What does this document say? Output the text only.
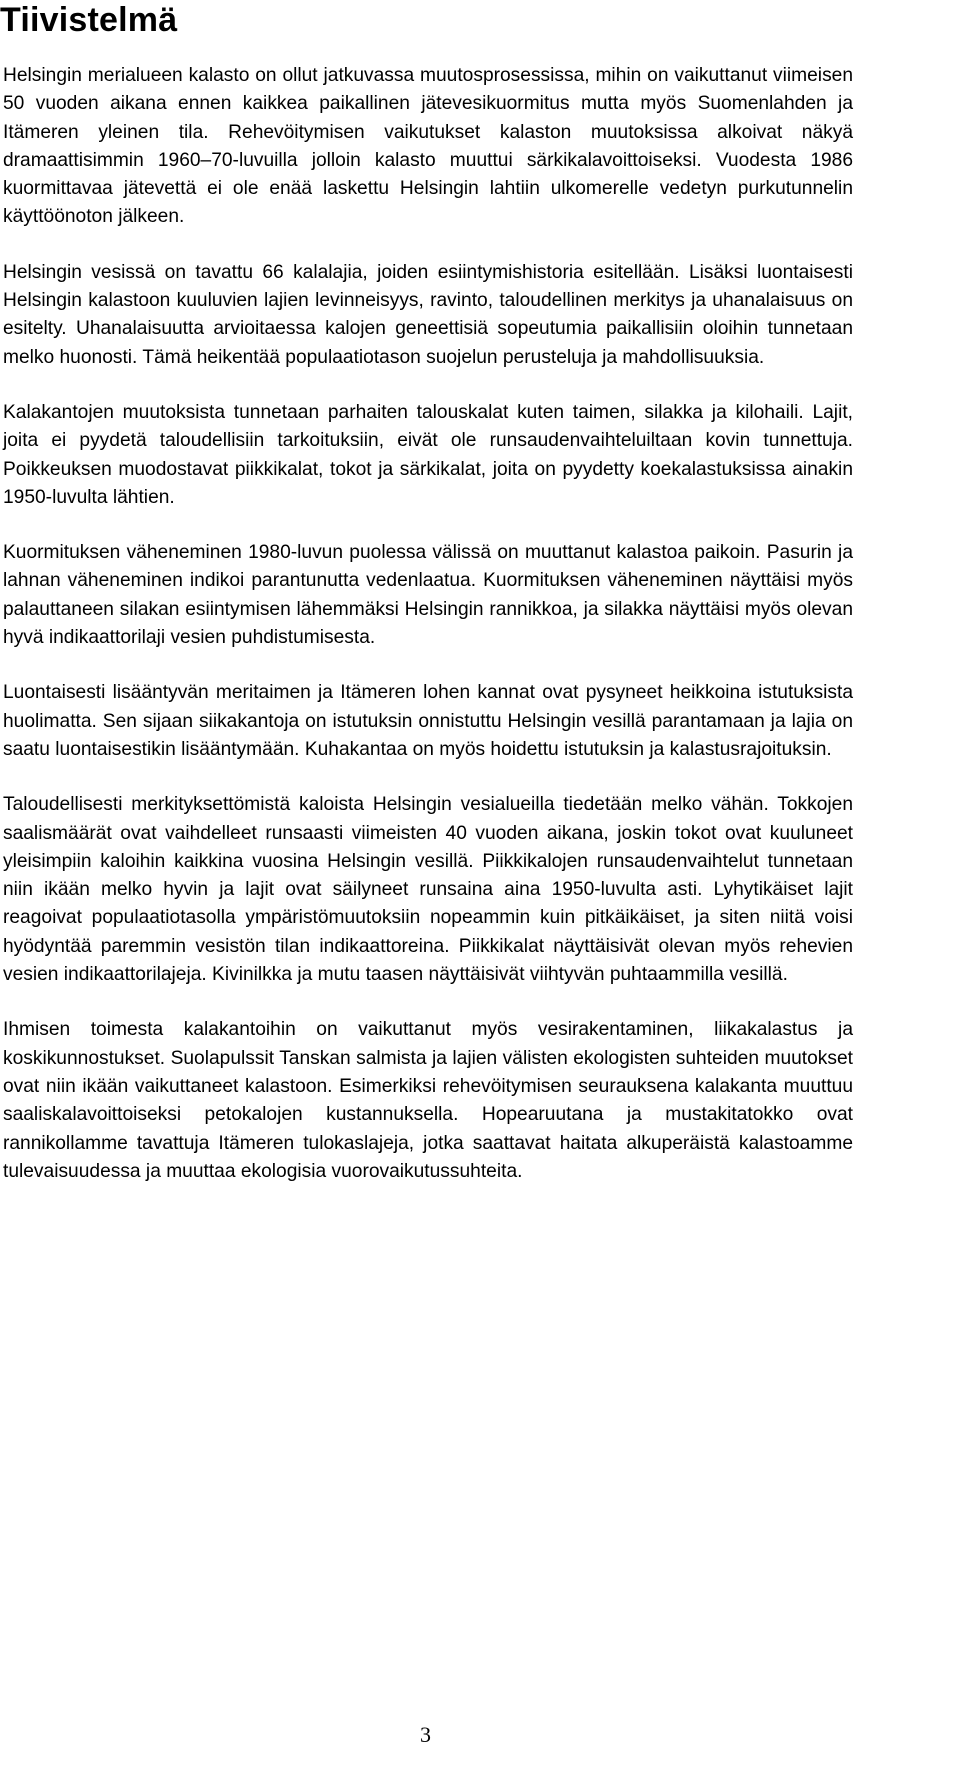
Tiivistelmä

Helsingin merialueen kalasto on ollut jatkuvassa muutosprosessissa, mihin on vaikuttanut viimeisen 50 vuoden aikana ennen kaikkea paikallinen jätevesikuormitus mutta myös Suomenlahden ja Itämeren yleinen tila. Rehevöitymisen vaikutukset kalaston muutoksissa alkoivat näkyä dramaattisimmin 1960–70-luvuilla jolloin kalasto muuttui särkikalavoittoiseksi. Vuodesta 1986 kuormittavaa jätevettä ei ole enää laskettu Helsingin lahtiin ulkomerelle vedetyn purkutunnelin käyttöönoton jälkeen.

Helsingin vesissä on tavattu 66 kalalajia, joiden esiintymishistoria esitellään. Lisäksi luontaisesti Helsingin kalastoon kuuluvien lajien levinneisyys, ravinto, taloudellinen merkitys ja uhanalaisuus on esitelty. Uhanalaisuutta arvioitaessa kalojen geneettisiä sopeutumia paikallisiin oloihin tunnetaan melko huonosti. Tämä heikentää populaatiotason suojelun perusteluja ja mahdollisuuksia.

Kalakantojen muutoksista tunnetaan parhaiten talouskalat kuten taimen, silakka ja kilohaili. Lajit, joita ei pyydetä taloudellisiin tarkoituksiin, eivät ole runsaudenvaihteluiltaan kovin tunnettuja. Poikkeuksen muodostavat piikkikalat, tokot ja särkikalat, joita on pyydetty koekalastuksissa ainakin 1950-luvulta lähtien.

Kuormituksen väheneminen 1980-luvun puolessa välissä on muuttanut kalastoa paikoin. Pasurin ja lahnan väheneminen indikoi parantunutta vedenlaatua. Kuormituksen väheneminen näyttäisi myös palauttaneen silakan esiintymisen lähemmäksi Helsingin rannikkoa, ja silakka näyttäisi myös olevan hyvä indikaattorilaji vesien puhdistumisesta.

Luontaisesti lisääntyvän meritaimen ja Itämeren lohen kannat ovat pysyneet heikkoina istutuksista huolimatta. Sen sijaan siikakantoja on istutuksin onnistuttu Helsingin vesillä parantamaan ja lajia on saatu luontaisestikin lisääntymään. Kuhakantaa on myös hoidettu istutuksin ja kalastusrajoituksin.

Taloudellisesti merkityksettömistä kaloista Helsingin vesialueilla tiedetään melko vähän. Tokkojen saalismäärät ovat vaihdelleet runsaasti viimeisten 40 vuoden aikana, joskin tokot ovat kuuluneet yleisimpiin kaloihin kaikkina vuosina Helsingin vesillä. Piikkikalojen runsaudenvaihtelut tunnetaan niin ikään melko hyvin ja lajit ovat säilyneet runsaina aina 1950-luvulta asti. Lyhytikäiset lajit reagoivat populaatiotasolla ympäristömuutoksiin nopeammin kuin pitkäikäiset, ja siten niitä voisi hyödyntää paremmin vesistön tilan indikaattoreina. Piikkikalat näyttäisivät olevan myös rehevien vesien indikaattorilajeja. Kivinilkka ja mutu taasen näyttäisivät viihtyvän puhtaammilla vesillä.

Ihmisen toimesta kalakantoihin on vaikuttanut myös vesirakentaminen, liikakalastus ja koskikunnostukset. Suolapulssit Tanskan salmista ja lajien välisten ekologisten suhteiden muutokset ovat niin ikään vaikuttaneet kalastoon. Esimerkiksi rehevöitymisen seurauksena kalakanta muuttuu saaliskalavoittoiseksi petokalojen kustannuksella. Hopearuutana ja mustakitatokko ovat rannikollamme tavattuja Itämeren tulokaslajeja, jotka saattavat haitata alkuperäistä kalastoamme tulevaisuudessa ja muuttaa ekologisia vuorovaikutussuhteita.

3
